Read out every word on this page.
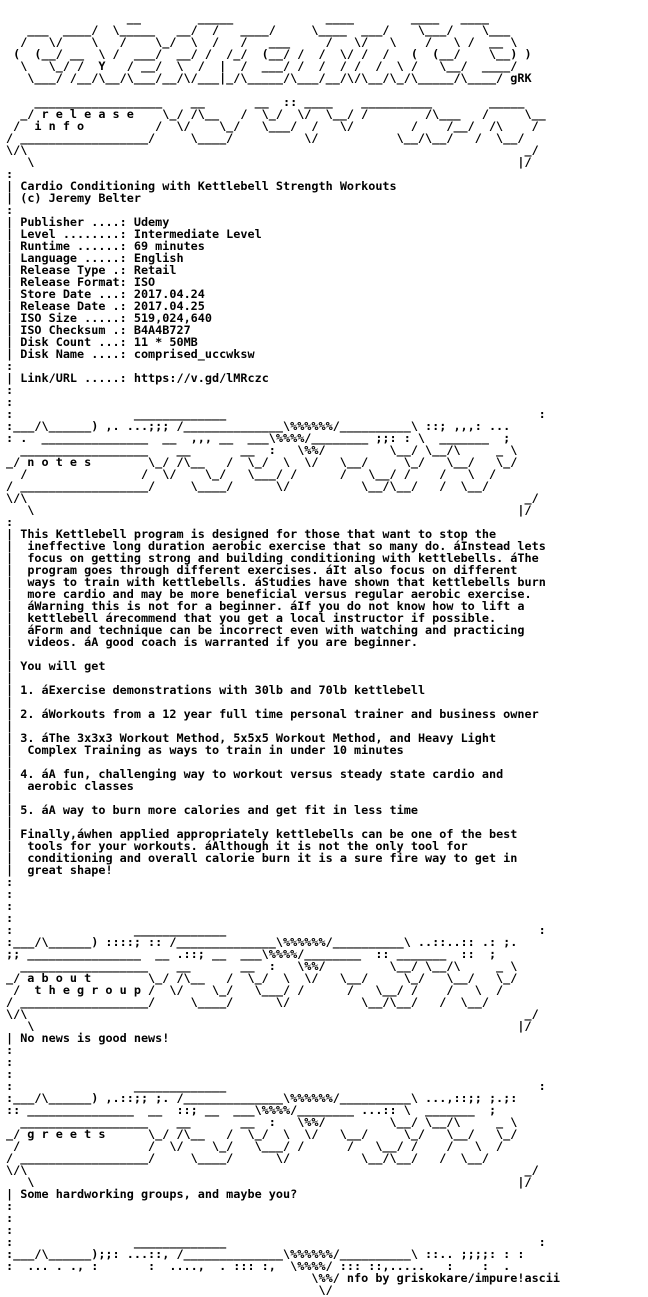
__        _____             ____        ____   ____
___  ____/  \_____   __/  /   ____/     \____  ___/    \___/    \___
/   \/    \   /    \_/  \  /   /   ___     /   \/   \    /   \ /  __ \
(  (__/ __  \ /  ___/  __/ /  /_/  (__/ /  /  \/ /  /   (  (__/    \__) )
\   \_/ /  Y   / __/  \  /  |  /  ___/ /  /  / /  /  \ /   \__/  ____/
\___/ /__/\__/\___/__/\/___|_/\_____/\___/__/\/\__/\_/\_____/\____/ gRK

__________________    __       __  :: ____    __________        _____
_/ r e l e a s e    \_/ /\__   /  \_/  \/  \__/ /        /\___   /     \__
/  i n f o          /  \/    \_/   \___/  /   \/        /    /__/  /\    /
/ __________________/     \____/          \/           \__/\__/   /  \__/
\/\                                                                      _/
\                                                                    |/
:
| Cardio Conditioning with Kettlebell Strength Workouts
| (c) Jeremy Belter
:
| Publisher ....: Udemy
| Level ........: Intermediate Level
| Runtime ......: 69 minutes
| Language .....: English
| Release Type .: Retail
| Release Format: ISO
| Store Date ...: 2017.04.24
| Release Date .: 2017.04.25
| ISO Size .....: 519,024,640
| ISO Checksum .: B4A4B727
| Disk Count ...: 11 * 50MB
| Disk Name ....: comprised_uccwksw
:
| Link/URL .....: https://v.gd/lMRczc
:
:
:                 _____________                                            :
:___/\______) ,. ...;;; /______________\%%%%%%/__________\ ::; ,,,: ...
: .  _______________  __  ,,, __  ___\%%%%/________ ;;: : \  _______  ;
__________________    __       __  :   \%%/         \__/ \__/\     _ \
_/ n o t e s        \_/ /\__   /  \_/  \  \/   \__/     \_/   \__/   \_/
/                /  \/    \_/   \___/ /      /   \__/ /    /   \  /
/ __________________/     \____/      \/          \__/\__/   /  \__/
\/\                                                                      _/
\                                                                    |/
:
| This Kettlebell program is designed for those that want to stop the
|  ineffective long duration aerobic exercise that so many do. áInstead lets
|  focus on getting strong and building conditioning with kettlebells. áThe
|  program goes through different exercises. áIt also focus on different
|  ways to train with kettlebells. áStudies have shown that kettlebells burn
|  more cardio and may be more beneficial versus regular aerobic exercise.
|  áWarning this is not for a beginner. áIf you do not know how to lift a
|  kettlebell árecommend that you get a local instructor if possible.
|  áForm and technique can be incorrect even with watching and practicing
|  videos. áA good coach is warranted if you are beginner.
|
| You will get
|
| 1. áExercise demonstrations with 30lb and 70lb kettlebell
|
| 2. áWorkouts from a 12 year full time personal trainer and business owner
|
| 3. áThe 3x3x3 Workout Method, 5x5x5 Workout Method, and Heavy Light
|  Complex Training as ways to train in under 10 minutes
|
| 4. áA fun, challenging way to workout versus steady state cardio and
|  aerobic classes
|
| 5. áA way to burn more calories and get fit in less time
|
| Finally,áwhen applied appropriately kettlebells can be one of the best
|  tools for your workouts. áAlthough it is not the only tool for
|  conditioning and overall calorie burn it is a sure fire way to get in
|  great shape!
:
:
:
:
:                 _____________                                            :
:___/\______) ::::; :: /______________\%%%%%%/__________\ ..::..:: .: ;.
;; ________________  __ .::; __  ___\%%%%/________  :: _______  ::  ;
__________________    __       __  :   \%%/         \__/ \__/\     _ \
_/ a b o u t        \_/ /\__   /  \_/  \  \/   \__/     \_/   \__/   \_/
/  t h e g r o u p /  \/    \_/   \___/ /      /   \__/ /    /   \  /
/ __________________/     \____/      \/          \__/\__/   /  \__/
\/\                                                                      _/
\                                                                    |/
| No news is good news!
:
:
:
:                 _____________                                            :
:___/\______) ,.::;; ;. /______________\%%%%%%/__________\ ...,::;; ;.;:
:: _______________  __  ::; __  ___\%%%%/________ ...:: \  _______  ;
__________________    __       __  :   \%%/         \__/ \__/\     _ \
_/ g r e e t s      \_/ /\__   /  \_/  \  \/   \__/     \_/   \__/   \_/
/                  /  \/    \_/   \___/ /      /   \__/ /    /   \  /
/ __________________/     \____/      \/          \__/\__/   /  \__/
\/\                                                                      _/
\                                                                    |/
| Some hardworking groups, and maybe you?
:
:
:
:                 _____________                                            :
:___/\______);;: ...::, /______________\%%%%%%/__________\ ::.. ;;;;: : :
:  ... . ., :       :  ....,  . ::: :,  \%%%%/ ::: ::,.....   :    :  .
\%%/ nfo by griskokare/impure!ascii
\/
